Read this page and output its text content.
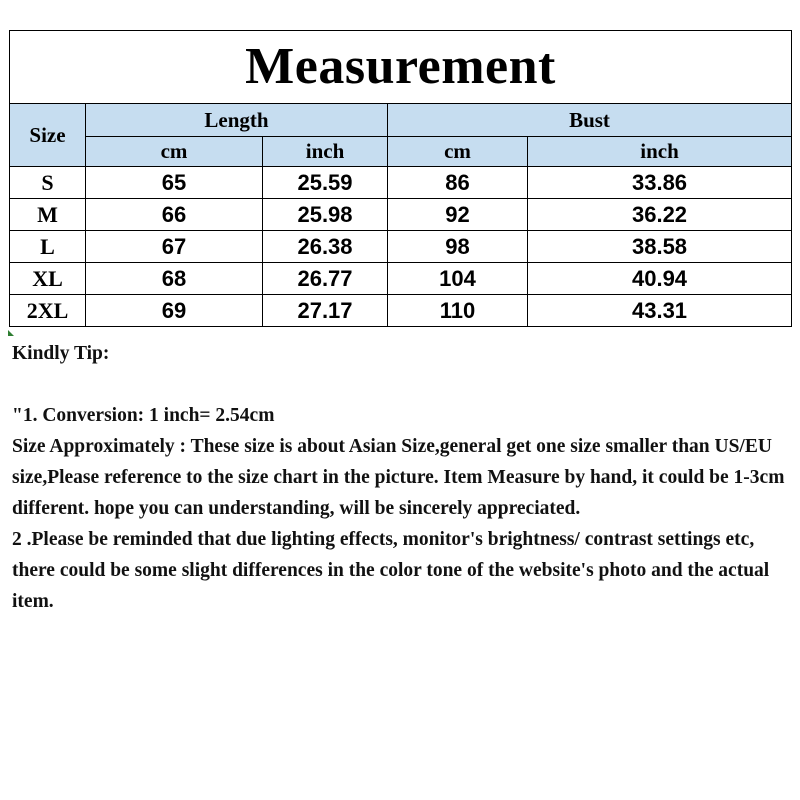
Measurement				
Size	Length		Bust	
	cm	inch	cm	inch
S	65	25.59	86	33.86
M	66	25.98	92	36.22
L	67	26.38	98	38.58
XL	68	26.77	104	40.94
2XL	69	27.17	110	43.31

Kindly Tip:

"1. Conversion: 1 inch= 2.54cm

Size Approximately : These size is about Asian Size,general get one size smaller than US/EU size,Please reference to the size chart in the picture. Item Measure by hand, it could be 1-3cm different. hope you can understanding, will be sincerely appreciated.

2 .Please be reminded that due lighting effects, monitor's brightness/ contrast settings etc, there could be some slight differences in the color tone of the website's photo and the actual item.
